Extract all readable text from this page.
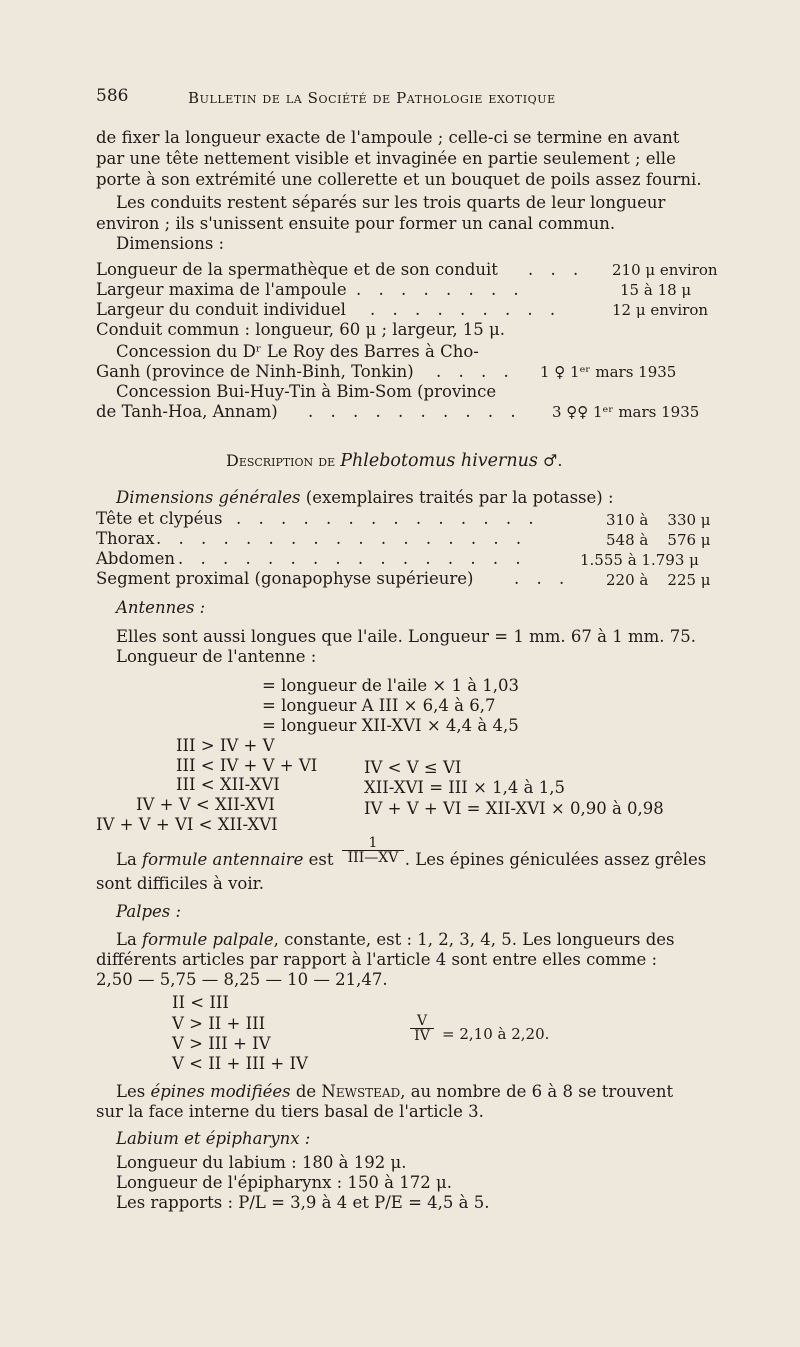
586	Bulletin de la Société de Pathologie exotique
de fixer la longueur exacte de l'ampoule ; celle-ci se termine en avant
par une tête nettement visible et invaginée en partie seulement ; elle
porte à son extrémité une collerette et un bouquet de poils assez fourni.
Les conduits restent séparés sur les trois quarts de leur longueur
environ ; ils s'unissent ensuite pour former un canal commun.
Dimensions :
Longueur de la spermathèque et de son conduit . . . 210 μ environ
Largeur maxima de l'ampoule . . . . . . . .	15 à 18 μ
Largeur du conduit individuel . . . . . . . . .	12 μ environ
Conduit commun : longueur, 60 μ ; largeur, 15 μ.
Concession du Dʳ Le Roy des Barres à Cho-
Ganh (province de Ninh-Binh, Tonkin) . . . . 1 ♀ 1ᵉʳ mars 1935
Concession Bui-Huy-Tin à Bim-Som (province
de Tanh-Hoa, Annam) . . . . . . . . . . 3 ♀♀ 1ᵉʳ mars 1935
Description de Phlebotomus hivernus ♂.
Dimensions générales (exemplaires traités par la potasse) :
Tête et clypéus . . . . . . . . . . . . . .	310 à    330 μ
Thorax . . . . . . . . . . . . . . . . .	548 à    576 μ
Abdomen . . . . . . . . . . . . . . . .	1.555 à 1.793 μ
Segment proximal (gonapophyse supérieure) . . . 220 à    225 μ
Antennes :
Elles sont aussi longues que l'aile. Longueur = 1 mm. 67 à 1 mm. 75.
Longueur de l'antenne :
= longueur de l'aile × 1 à 1,03
= longueur A III × 6,4 à 6,7
= longueur XII-XVI × 4,4 à 4,5
III > IV + V
III < IV + V + VI
III < XII-XVI
IV + V < XII-XVI
IV + V + VI < XII-XVI
IV < V ≤ VI
XII-XVI = III × 1,4 à 1,5
IV + V + VI = XII-XVI × 0,90 à 0,98
La formule antennaire est	. Les épines géniculées assez grêles
1
III—XV
sont difficiles à voir.
Palpes :
La formule palpale, constante, est : 1, 2, 3, 4, 5. Les longueurs des
différents articles par rapport à l'article 4 sont entre elles comme :
2,50 — 5,75 — 8,25 — 10 — 21,47.
II < III
V > II + III
V > III + IV
V < II + III + IV
$\frac{V}{IV} = 2,10$ à 2,20.
Les épines modifiées de Newstead, au nombre de 6 à 8 se trouvent
sur la face interne du tiers basal de l'article 3.
Labium et épipharynx :
Longueur du labium : 180 à 192 μ.
Longueur de l'épipharynx : 150 à 172 μ.
Les rapports : P/L = 3,9 à 4 et P/E = 4,5 à 5.
